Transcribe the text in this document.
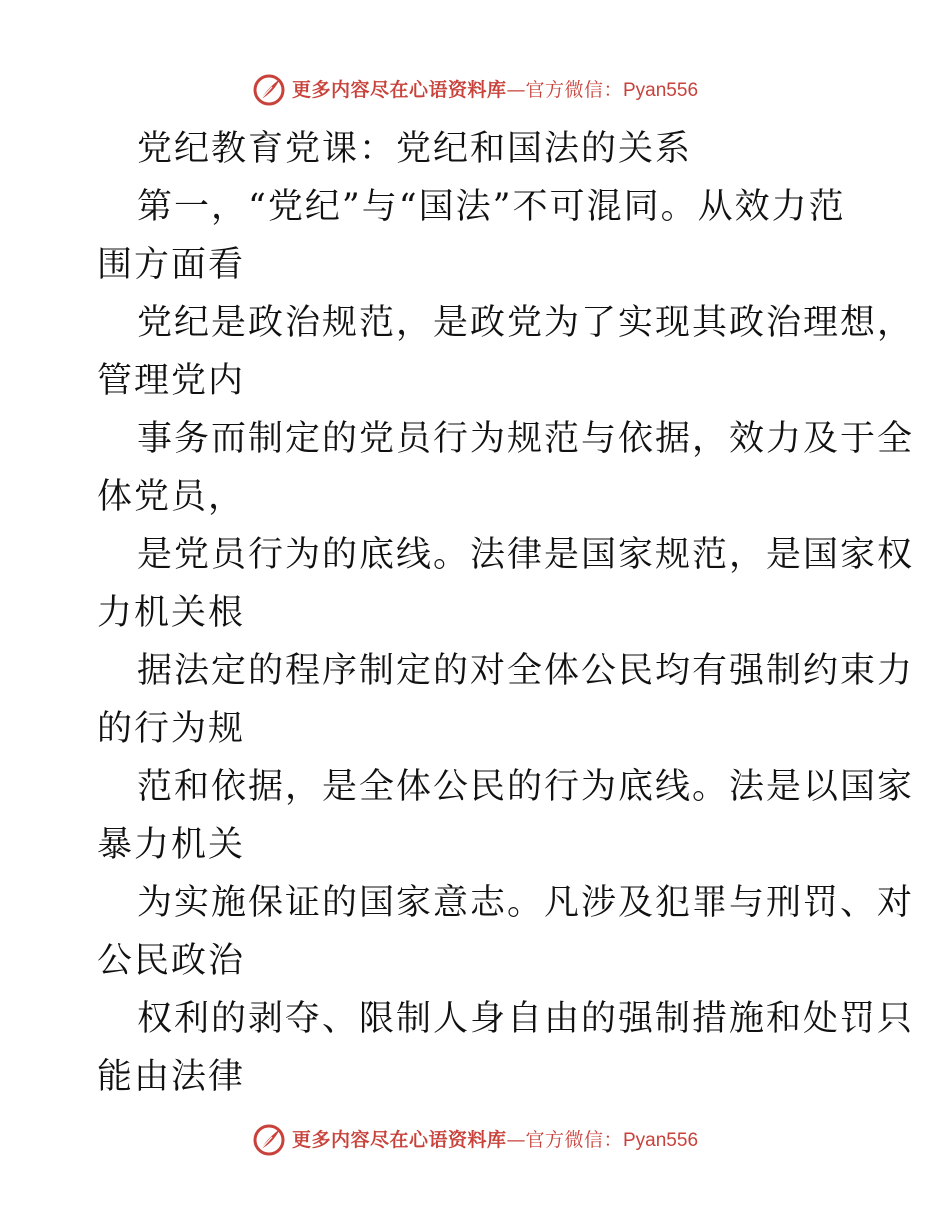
更多内容尽在心语资料库 — 官方微信： Pyan556
党纪教育党课：党纪和国法的关系
第一，“党纪”与“国法”不可混同。从效力范
围方面看
党纪是政治规范，是政党为了实现其政治理想，
管理党内
事务而制定的党员行为规范与依据，效力及于全
体党员，
是党员行为的底线。法律是国家规范，是国家权
力机关根
据法定的程序制定的对全体公民均有强制约束力
的行为规
范和依据，是全体公民的行为底线。法是以国家
暴力机关
为实施保证的国家意志。凡涉及犯罪与刑罚、对
公民政治
权利的剥夺、限制人身自由的强制措施和处罚只
能由法律
更多内容尽在心语资料库 — 官方微信： Pyan556
